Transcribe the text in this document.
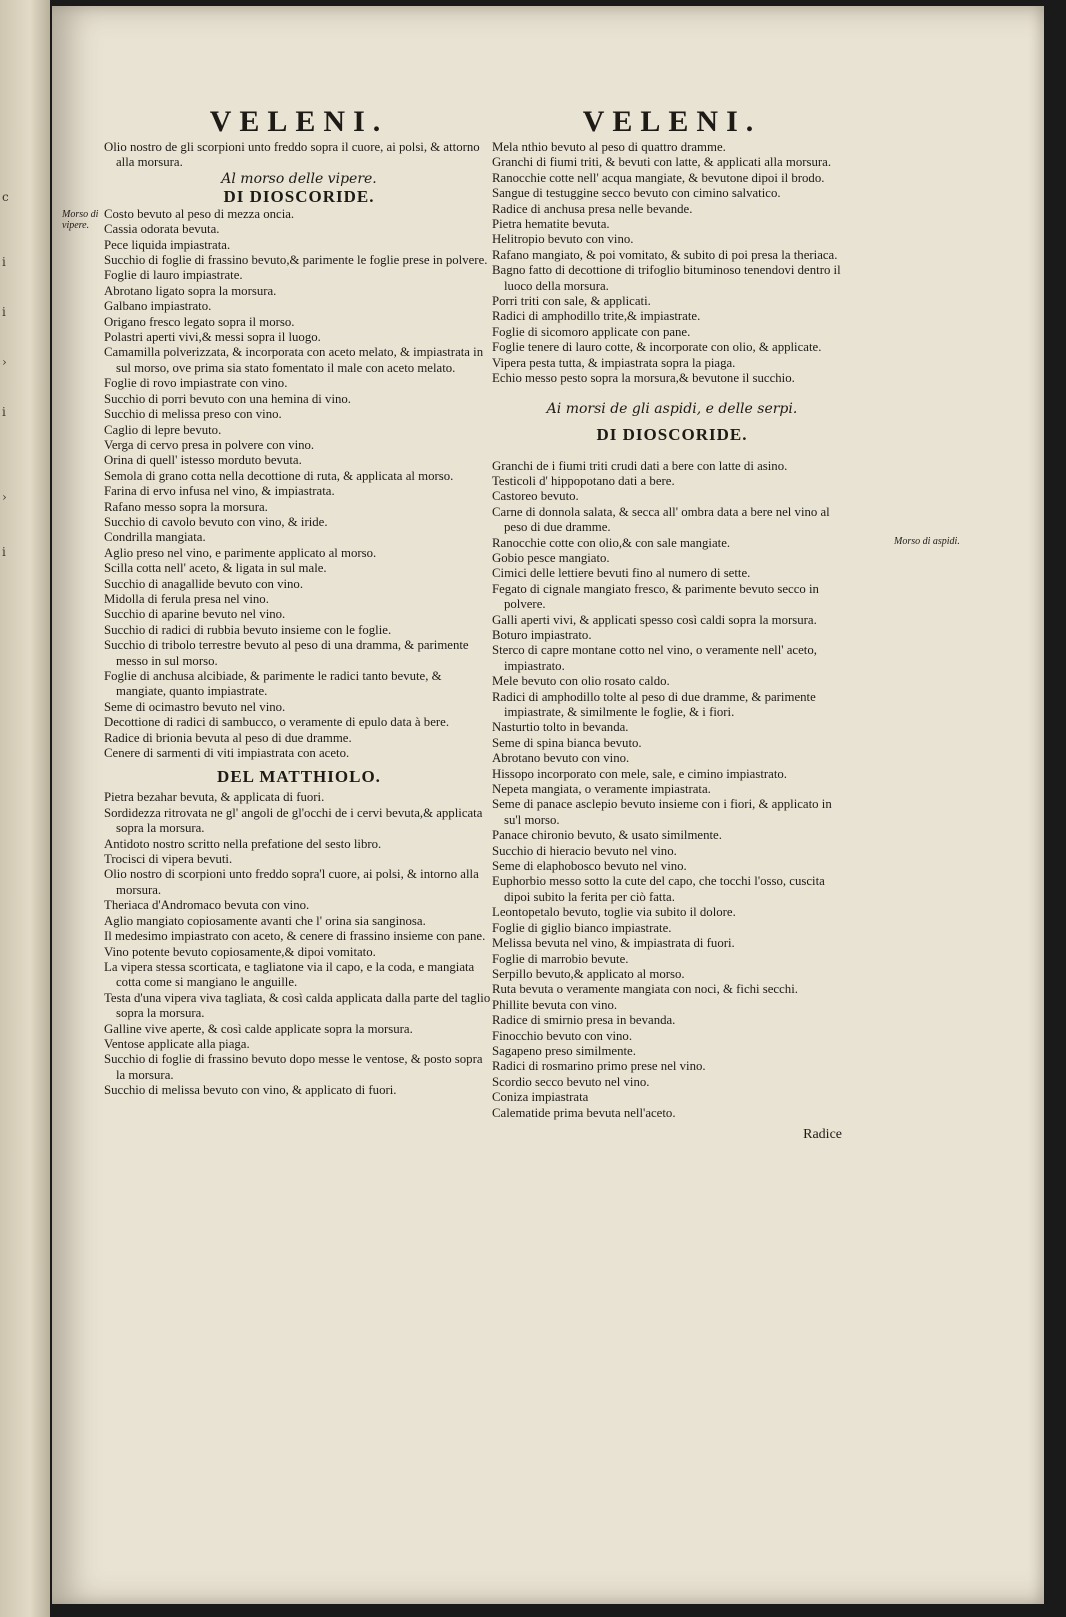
c
i
i
›
i
›
i
Morso di vipere.
Morso di aspidi.
VELENI.

Olio nostro de gli scorpioni unto freddo sopra il cuore, ai polsi, & attorno alla morsura.

Al morso delle vipere.

DI DIOSCORIDE.

Costo bevuto al peso di mezza oncia.

Cassia odorata bevuta.

Pece liquida impiastrata.

Succhio di foglie di frassino bevuto,& parimente le foglie prese in polvere.

Foglie di lauro impiastrate.

Abrotano ligato sopra la morsura.

Galbano impiastrato.

Origano fresco legato sopra il morso.

Polastri aperti vivi,& messi sopra il luogo.

Camamilla polverizzata, & incorporata con aceto melato, & impiastrata in sul morso, ove prima sia stato fomentato il male con aceto melato.

Foglie di rovo impiastrate con vino.

Succhio di porri bevuto con una hemina di vino.

Succhio di melissa preso con vino.

Caglio di lepre bevuto.

Verga di cervo presa in polvere con vino.

Orina di quell' istesso morduto bevuta.

Semola di grano cotta nella decottione di ruta, & applicata al morso.

Farina di ervo infusa nel vino, & impiastrata.

Rafano messo sopra la morsura.

Succhio di cavolo bevuto con vino, & iride.

Condrilla mangiata.

Aglio preso nel vino, e parimente applicato al morso.

Scilla cotta nell' aceto, & ligata in sul male.

Succhio di anagallide bevuto con vino.

Midolla di ferula presa nel vino.

Succhio di aparine bevuto nel vino.

Succhio di radici di rubbia bevuto insieme con le foglie.

Succhio di tribolo terrestre bevuto al peso di una dramma, & parimente messo in sul morso.

Foglie di anchusa alcibiade, & parimente le radici tanto bevute, & mangiate, quanto impiastrate.

Seme di ocimastro bevuto nel vino.

Decottione di radici di sambucco, o veramente di epulo data à bere.

Radice di brionia bevuta al peso di due dramme.

Cenere di sarmenti di viti impiastrata con aceto.

DEL MATTHIOLO.

Pietra bezahar bevuta, & applicata di fuori.

Sordidezza ritrovata ne gl' angoli de gl'occhi de i cervi bevuta,& applicata sopra la morsura.

Antidoto nostro scritto nella prefatione del sesto libro.

Trocisci di vipera bevuti.

Olio nostro di scorpioni unto freddo sopra'l cuore, ai polsi, & intorno alla morsura.

Theriaca d'Andromaco bevuta con vino.

Aglio mangiato copiosamente avanti che l' orina sia sanginosa.

Il medesimo impiastrato con aceto, & cenere di frassino insieme con pane.

Vino potente bevuto copiosamente,& dipoi vomitato.

La vipera stessa scorticata, e tagliatone via il capo, e la coda, e mangiata cotta come si mangiano le anguille.

Testa d'una vipera viva tagliata, & così calda applicata dalla parte del taglio sopra la morsura.

Galline vive aperte, & così calde applicate sopra la morsura.

Ventose applicate alla piaga.

Succhio di foglie di frassino bevuto dopo messe le ventose, & posto sopra la morsura.

Succhio di melissa bevuto con vino, & applicato di fuori.

VELENI.

Mela nthio bevuto al peso di quattro dramme.

Granchi di fiumi triti, & bevuti con latte, & applicati alla morsura.

Ranocchie cotte nell' acqua mangiate, & bevutone dipoi il brodo.

Sangue di testuggine secco bevuto con cimino salvatico.

Radice di anchusa presa nelle bevande.

Pietra hematite bevuta.

Helitropio bevuto con vino.

Rafano mangiato, & poi vomitato, & subito di poi presa la theriaca.

Bagno fatto di decottione di trifoglio bituminoso tenendovi dentro il luoco della morsura.

Porri triti con sale, & applicati.

Radici di amphodillo trite,& impiastrate.

Foglie di sicomoro applicate con pane.

Foglie tenere di lauro cotte, & incorporate con olio, & applicate.

Vipera pesta tutta, & impiastrata sopra la piaga.

Echio messo pesto sopra la morsura,& bevutone il succhio.

Ai morsi de gli aspidi, e delle serpi.

DI DIOSCORIDE.

Granchi de i fiumi triti crudi dati a bere con latte di asino.

Testicoli d' hippopotano dati a bere.

Castoreo bevuto.

Carne di donnola salata, & secca all' ombra data a bere nel vino al peso di due dramme.

Ranocchie cotte con olio,& con sale mangiate.

Gobio pesce mangiato.

Cimici delle lettiere bevuti fino al numero di sette.

Fegato di cignale mangiato fresco, & parimente bevuto secco in polvere.

Galli aperti vivi, & applicati spesso così caldi sopra la morsura.

Boturo impiastrato.

Sterco di capre montane cotto nel vino, o veramente nell' aceto, impiastrato.

Mele bevuto con olio rosato caldo.

Radici di amphodillo tolte al peso di due dramme, & parimente impiastrate, & similmente le foglie, & i fiori.

Nasturtio tolto in bevanda.

Seme di spina bianca bevuto.

Abrotano bevuto con vino.

Hissopo incorporato con mele, sale, e cimino impiastrato.

Nepeta mangiata, o veramente impiastrata.

Seme di panace asclepio bevuto insieme con i fiori, & applicato in su'l morso.

Panace chironio bevuto, & usato similmente.

Succhio di hieracio bevuto nel vino.

Seme di elaphobosco bevuto nel vino.

Euphorbio messo sotto la cute del capo, che tocchi l'osso, cuscita dipoi subito la ferita per ciò fatta.

Leontopetalo bevuto, toglie via subito il dolore.

Foglie di giglio bianco impiastrate.

Melissa bevuta nel vino, & impiastrata di fuori.

Foglie di marrobio bevute.

Serpillo bevuto,& applicato al morso.

Ruta bevuta o veramente mangiata con noci, & fichi secchi.

Phillite bevuta con vino.

Radice di smirnio presa in bevanda.

Finocchio bevuto con vino.

Sagapeno preso similmente.

Radici di rosmarino primo prese nel vino.

Scordio secco bevuto nel vino.

Coniza impiastrata

Calematide prima bevuta nell'aceto.

Radice
